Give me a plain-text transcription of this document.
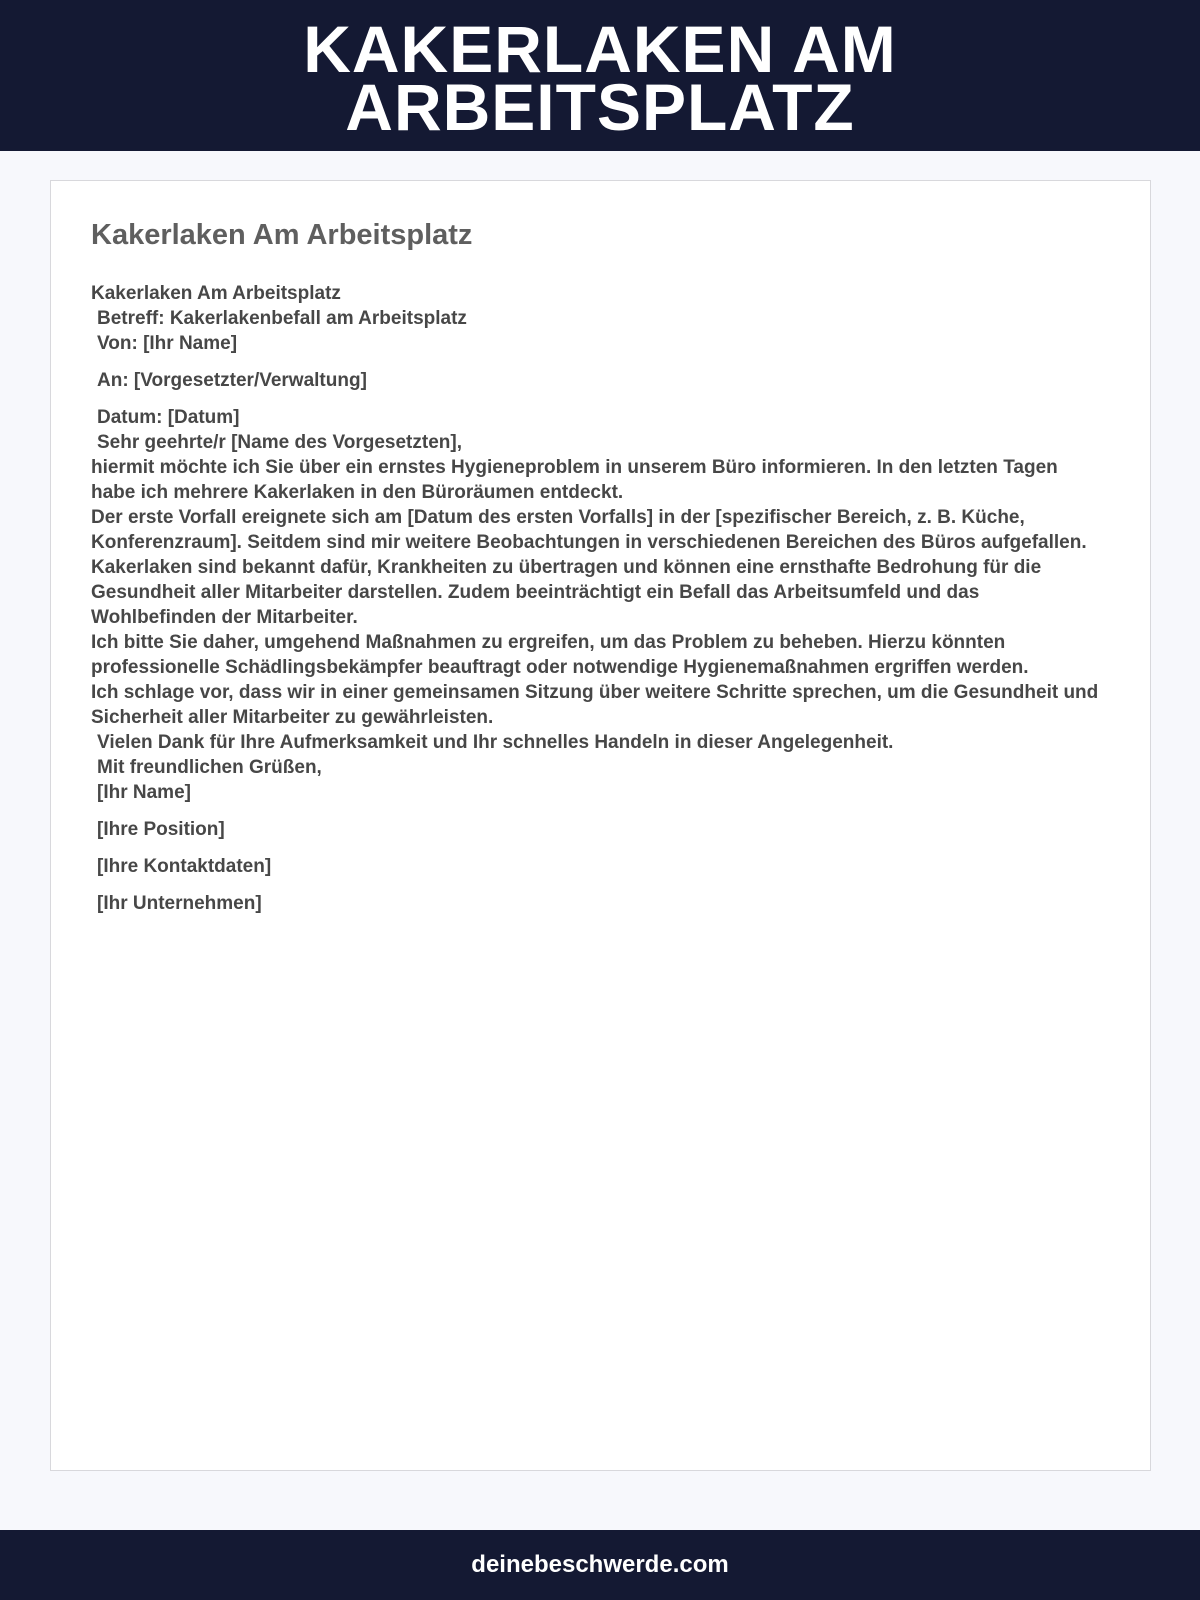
KAKERLAKEN AM
ARBEITSPLATZ
Kakerlaken Am Arbeitsplatz
Kakerlaken Am Arbeitsplatz
Betreff: Kakerlakenbefall am Arbeitsplatz
Von: [Ihr Name]
An: [Vorgesetzter/Verwaltung]
Datum: [Datum]
Sehr geehrte/r [Name des Vorgesetzten],
hiermit möchte ich Sie über ein ernstes Hygieneproblem in unserem Büro informieren. In den letzten Tagen habe ich mehrere Kakerlaken in den Büroräumen entdeckt.
Der erste Vorfall ereignete sich am [Datum des ersten Vorfalls] in der [spezifischer Bereich, z. B. Küche, Konferenzraum]. Seitdem sind mir weitere Beobachtungen in verschiedenen Bereichen des Büros aufgefallen.
Kakerlaken sind bekannt dafür, Krankheiten zu übertragen und können eine ernsthafte Bedrohung für die Gesundheit aller Mitarbeiter darstellen. Zudem beeinträchtigt ein Befall das Arbeitsumfeld und das Wohlbefinden der Mitarbeiter.
Ich bitte Sie daher, umgehend Maßnahmen zu ergreifen, um das Problem zu beheben. Hierzu könnten professionelle Schädlingsbekämpfer beauftragt oder notwendige Hygienemaßnahmen ergriffen werden.
Ich schlage vor, dass wir in einer gemeinsamen Sitzung über weitere Schritte sprechen, um die Gesundheit und Sicherheit aller Mitarbeiter zu gewährleisten.
Vielen Dank für Ihre Aufmerksamkeit und Ihr schnelles Handeln in dieser Angelegenheit.
Mit freundlichen Grüßen,
[Ihr Name]
[Ihre Position]
[Ihre Kontaktdaten]
[Ihr Unternehmen]
deinebeschwerde.com
